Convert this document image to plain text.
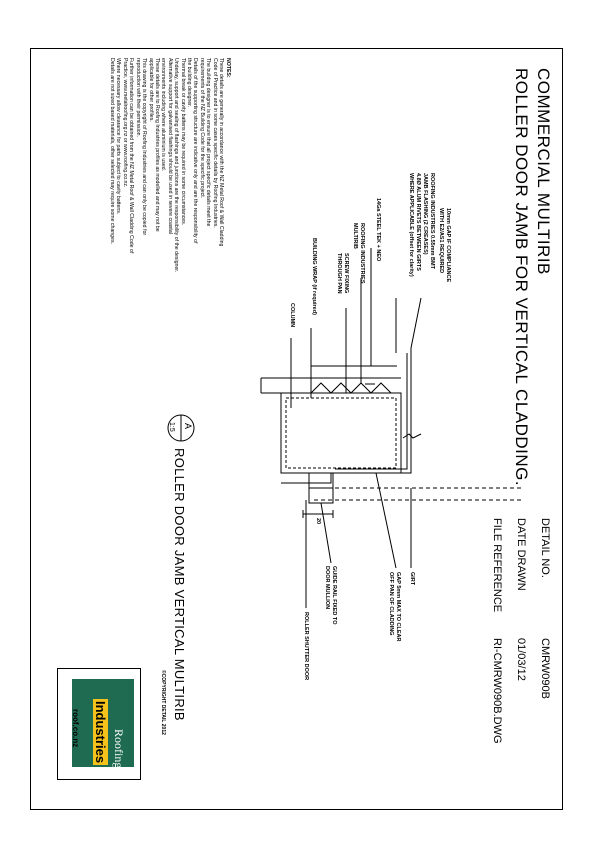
COMMERCIAL MULTIRIB
ROLLER DOOR JAMB FOR VERTICAL CLADDING.
DETAIL NO.
CMRW090B
DATE DRAWN
01/03/12
FILE REFERENCE
RI-CMRW090B.DWG
10mm GAP IF COMPLIANCE
WITH E2/AS1 REQUIRED
ROOFING INDUSTRIES 0.55mm BMT
JAMB FLASHING (2 CREASES)
4.8Ø ALUM RIVETS BETWEEN GIRTS
WHERE APPLICABLE (offset for clarity)
14Ga STEEL TEK + NEO
ROOFING INDUSTRIES
MULTIRIB
SCREW FIXING
THROUGH PAN
BUILDING WRAP (if required)
COLUMN
GIRT
GAP 5mm MAX TO CLEAR
OFF PAN OF CLADDING
GUIDE RAIL FIXED TO
DOOR MULLION
ROLLER SHUTTER DOOR
20
A
1:5
ROLLER DOOR JAMB VERTICAL MULTIRIB
NOTES:
These details are generally in accordance with the NZ Metal Roof & Wall Cladding
Code of Practice and in some cases specific details by Roofing Industries.
The building designer is to ensure that all project specific details meet the
requirements of the NZ Building Code for the specific project.
Details of the supporting structure are indicative only and are the responsibility of
the building designer.
Thermal break or cavity battens may be required in some circumstances.
Underlay, support and sealing of flashings and junctions are the responsibility of the designer.
Alternative support for galvanised flashings should be used in severe coastal
environments including where aluminium is used.
These details are to Roofing Industries profiles as modelled and may not be
applicable for other profiles.
This drawing is the copyright of Roofing Industries and can only be copied for
reproduction with their permission.
Further information can be obtained from the NZ Metal Roof & Wall Cladding Code of
Practice, www.metalroofing.org.nz or www.roofing.co.nz.
Where necessary allow clearance for parts subject to cavity battens.
Details are not sized based materials, other selected may require some changes.
©COPYRIGHT DETAIL 2012
Roofing
Industries
roof.co.nz
